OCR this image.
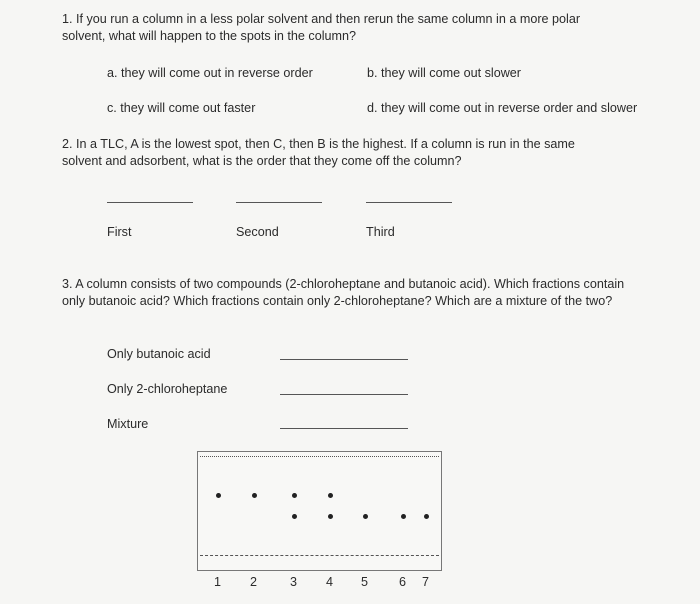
1. If you run a column in a less polar solvent and then rerun the same column in a more polar solvent, what will happen to the spots in the column?
a. they will come out in reverse order	b. they will come out slower
c. they will come out faster	d. they will come out in reverse order and slower
2. In a TLC, A is the lowest spot, then C, then B is the highest. If a column is run in the same solvent and adsorbent, what is the order that they come off the column?
First	Second	Third
3. A column consists of two compounds (2-chloroheptane and butanoic acid). Which fractions contain only butanoic acid? Which fractions contain only 2-chloroheptane? Which are a mixture of the two?
Only butanoic acid
Only 2-chloroheptane
Mixture
1 2	3 4 5 6 7
